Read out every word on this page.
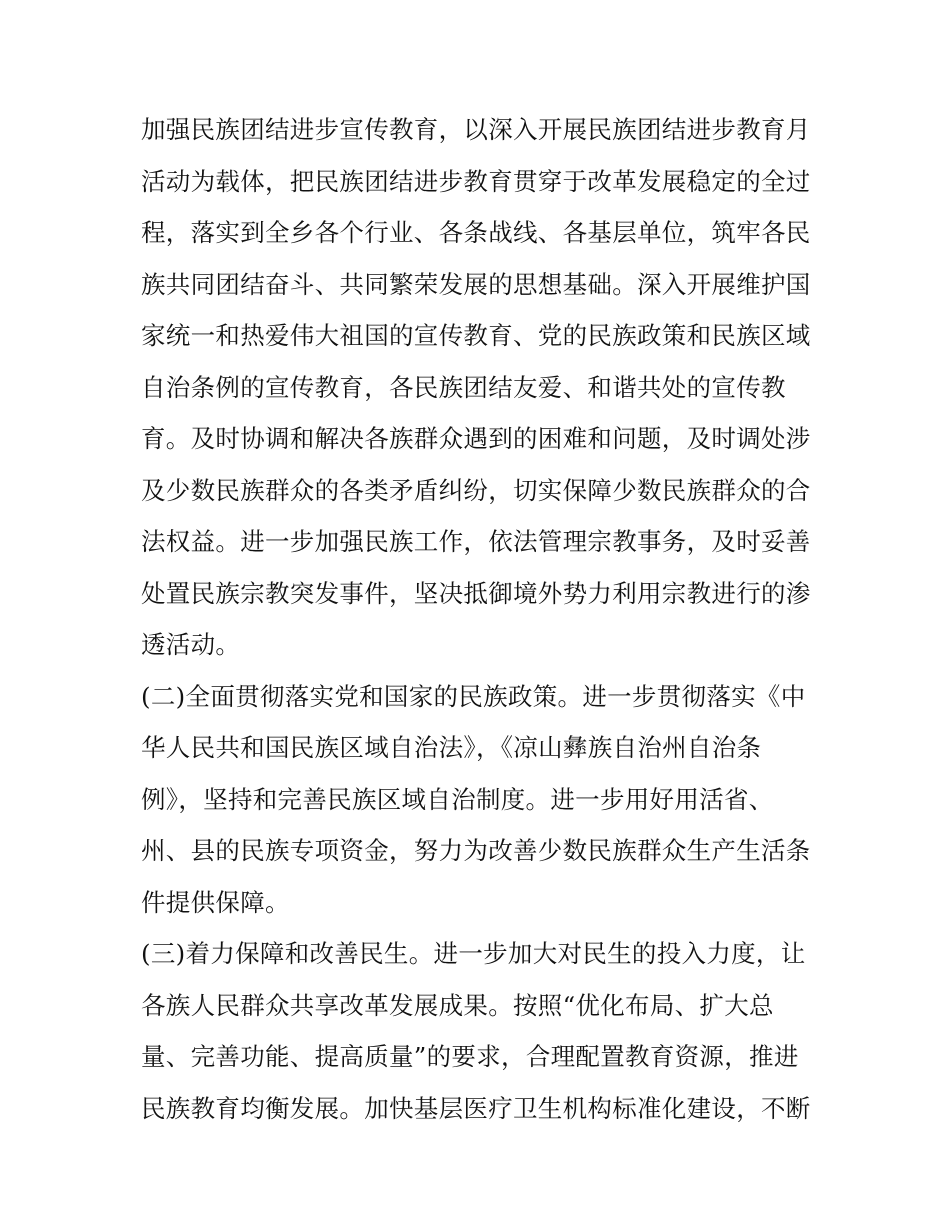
加强民族团结进步宣传教育，以深入开展民族团结进步教育月
活动为载体，把民族团结进步教育贯穿于改革发展稳定的全过
程，落实到全乡各个行业、各条战线、各基层单位，筑牢各民
族共同团结奋斗、共同繁荣发展的思想基础。深入开展维护国
家统一和热爱伟大祖国的宣传教育、党的民族政策和民族区域
自治条例的宣传教育，各民族团结友爱、和谐共处的宣传教
育。及时协调和解决各族群众遇到的困难和问题，及时调处涉
及少数民族群众的各类矛盾纠纷，切实保障少数民族群众的合
法权益。进一步加强民族工作，依法管理宗教事务，及时妥善
处置民族宗教突发事件，坚决抵御境外势力利用宗教进行的渗
透活动。
(二)全面贯彻落实党和国家的民族政策。进一步贯彻落实《中
华人民共和国民族区域自治法》，《凉山彝族自治州自治条
例》，坚持和完善民族区域自治制度。进一步用好用活省、
州、县的民族专项资金，努力为改善少数民族群众生产生活条
件提供保障。
(三)着力保障和改善民生。进一步加大对民生的投入力度，让
各族人民群众共享改革发展成果。按照“优化布局、扩大总
量、完善功能、提高质量”的要求，合理配置教育资源，推进
民族教育均衡发展。加快基层医疗卫生机构标准化建设，不断
